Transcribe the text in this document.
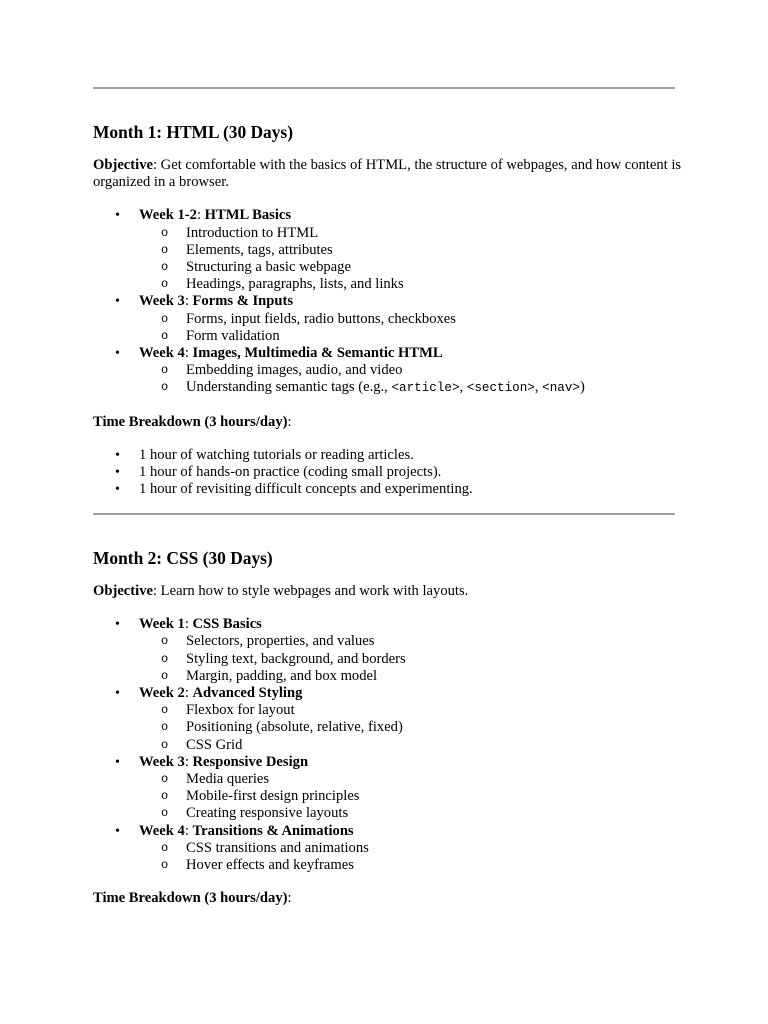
Month 1: HTML (30 Days)

Objective: Get comfortable with the basics of HTML, the structure of webpages, and how content is organized in a browser.

• Week 1-2: HTML Basics
o Introduction to HTML
o Elements, tags, attributes
o Structuring a basic webpage
o Headings, paragraphs, lists, and links
• Week 3: Forms & Inputs
o Forms, input fields, radio buttons, checkboxes
o Form validation
• Week 4: Images, Multimedia & Semantic HTML
o Embedding images, audio, and video
o Understanding semantic tags (e.g., <article>, <section>, <nav>)

Time Breakdown (3 hours/day):

• 1 hour of watching tutorials or reading articles.
• 1 hour of hands-on practice (coding small projects).
• 1 hour of revisiting difficult concepts and experimenting.
Month 2: CSS (30 Days)

Objective: Learn how to style webpages and work with layouts.

• Week 1: CSS Basics
o Selectors, properties, and values
o Styling text, background, and borders
o Margin, padding, and box model
• Week 2: Advanced Styling
o Flexbox for layout
o Positioning (absolute, relative, fixed)
o CSS Grid
• Week 3: Responsive Design
o Media queries
o Mobile-first design principles
o Creating responsive layouts
• Week 4: Transitions & Animations
o CSS transitions and animations
o Hover effects and keyframes

Time Breakdown (3 hours/day):
